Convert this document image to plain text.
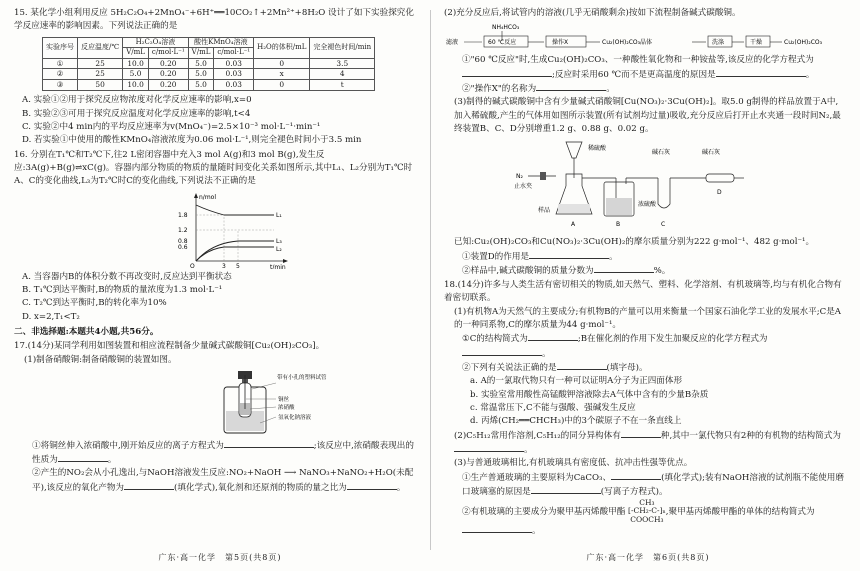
15. 某化学小组利用反应 5H₂C₂O₄+2MnO₄⁻+6H⁺══10CO₂↑+2Mn²⁺+8H₂O 设计了如下实验探究化学反应速率的影响因素。下列说法正确的是

实验序号	反应温度/℃	H₂C₂O₄溶液		酸性KMnO₄溶液		H₂O的体积/mL	完全褪色时间/min
		V/mL	c/mol·L⁻¹	V/mL	c/mol·L⁻¹		
①	25	10.0	0.20	5.0	0.03	0	3.5
②	25	5.0	0.20	5.0	0.03	x	4
③	50	10.0	0.20	5.0	0.03	0	t

A. 实验①②用于探究反应物浓度对化学反应速率的影响,x=0

B. 实验②③可用于探究反应温度对化学反应速率的影响,t<4

C. 实验②中4 min内的平均反应速率为v(MnO₄⁻)=2.5×10⁻³ mol·L⁻¹·min⁻¹

D. 若实验①中使用的酸性KMnO₄溶液浓度为0.06 mol·L⁻¹,则完全褪色时间小于3.5 min

16. 分别在T₁℃和T₂℃下,往2 L密闭容器中充入3 mol A(g)和3 mol B(g),发生反应:3A(g)+B(g)⇌xC(g)。容器内部分物质的物质的量随时间变化关系如图所示,其中L₁、L₂分别为T₁℃时A、C的变化曲线,L₃为T₂℃时C的变化曲线,下列说法不正确的是

n/mol
t/min
O
1.8
1.2
0.8
0.6
3 5
L₁
L₃
L₂

A. 当容器内B的体积分数不再改变时,反应达到平衡状态

B. T₁℃到达平衡时,B的物质的量浓度为1.3 mol·L⁻¹

C. T₂℃到达平衡时,B的转化率为10%

D. x=2,T₁<T₂

二、非选择题:本题共4小题,共56分。

17.(14分)某同学利用如图装置和相应流程制备少量碱式碳酸铜[Cu₂(OH)₂CO₃]。

(1)制备硝酸铜:制备硝酸铜的装置如图。

带有小孔的塑料试管
铜丝
浓硝酸
氢氧化钠溶液

①将铜丝伸入浓硝酸中,刚开始反应的离子方程式为	;该反应中,浓硝酸表现出的性质为	。

②产生的NO₂会从小孔逸出,与NaOH溶液发生反应:NO₂+NaOH ⟶ NaNO₃+NaNO₂+H₂O(未配平),该反应的氧化产物为	(填化学式),氧化剂和还原剂的物质的量之比为	。

(2)充分反应后,将试管内的溶液(几乎无硝酸剩余)按如下流程制备碱式碳酸铜。

NH₄HCO₃
滤液	60 ℃反应	操作X	Cu₂(OH)₂CO₃晶体	洗涤	干燥	Cu₂(OH)₂CO₃

①"60 ℃反应"时,生成Cu₂(OH)₂CO₃、一种酸性氧化物和一种铵盐等,该反应的化学方程式为;反应时采用60 ℃而不是更高温度的原因是	。

②"操作X"的名称为	。

(3)制得的碱式碳酸铜中含有少量碱式硝酸铜[Cu(NO₃)₂·3Cu(OH)₂]。取5.0 g制得的样品放置于A中,加入稀硫酸,产生的气体用如图所示装置(所有试剂均过量)吸收,充分反应后打开止水夹通一段时间N₂,最终装置B、C、D分别增重1.2 g、0.88 g、0.02 g。

N₂
止水夹
稀硫酸
样品
A
浓硫酸
B
碱石灰
C
碱石灰
D

已知:Cu₂(OH)₂CO₃和Cu(NO₃)₂·3Cu(OH)₂的摩尔质量分别为222 g·mol⁻¹、482 g·mol⁻¹。

①装置D的作用是	。

②样品中,碱式碳酸铜的质量分数为	%。

18.(14分)许多与人类生活有密切相关的物质,如天然气、塑料、化学溶剂、有机玻璃等,均与有机化合物有着密切联系。

(1)有机物A为天然气的主要成分;有机物B的产量可以用来衡量一个国家石油化学工业的发展水平;C是A的一种同系物,C的摩尔质量为44 g·mol⁻¹。

①C的结构简式为	;B在催化剂的作用下发生加聚反应的化学方程式为。

②下列有关说法正确的是	(填字母)。

a. A的一氯取代物只有一种可以证明A分子为正四面体形

b. 实验室常用酸性高锰酸钾溶液除去A气体中含有的少量B杂质

c. 常温常压下,C不能与强酸、强碱发生反应

d. 丙烯(CH₂══CHCH₃)中的3个碳原子不在一条直线上

(2)C₅H₁₂常用作溶剂,C₅H₁₂的同分异构体有	种,其中一氯代物只有2种的有机物的结构简式为。

(3)与普通玻璃相比,有机玻璃具有密度低、抗冲击性强等优点。

①生产普通玻璃的主要原料为CaCO₃、	(填化学式);装有NaOH溶液的试剂瓶不能使用磨口玻璃塞的原因是	(写离子方程式)。

②有机玻璃的主要成分为聚甲基丙烯酸甲酯
CH₃
[-CH₂-C-]ₙ
COOCH₃
,聚甲基丙烯酸甲酯的单体的结构简式为。

广东·高一化学　第5页(共8页)	广东·高一化学　第6页(共8页)
